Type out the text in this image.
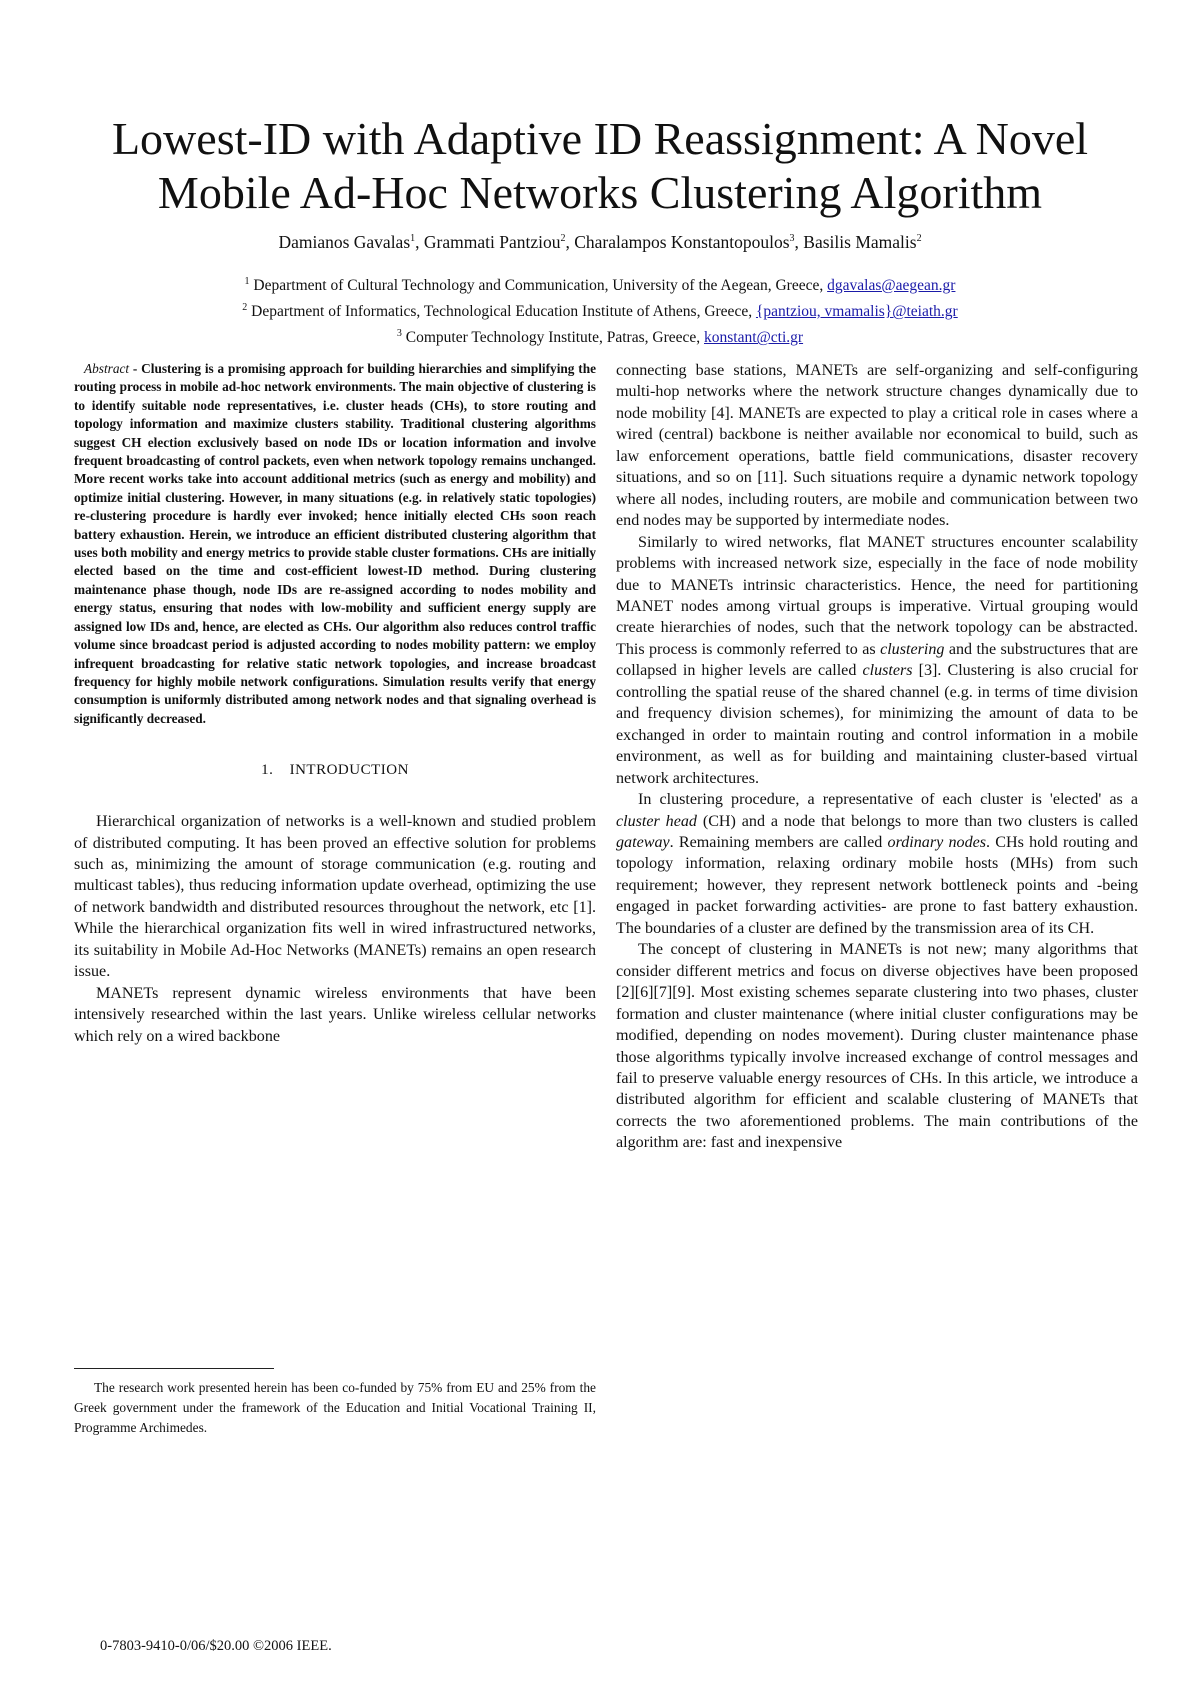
Lowest-ID with Adaptive ID Reassignment: A Novel Mobile Ad-Hoc Networks Clustering Algorithm
Damianos Gavalas$^1$, Grammati Pantziou$^2$, Charalampos Konstantopoulos$^3$, Basilis Mamalis$^2$
$^1$ Department of Cultural Technology and Communication, University of the Aegean, Greece, dgavalas@aegean.gr
$^2$ Department of Informatics, Technological Education Institute of Athens, Greece, {pantziou, vmamalis}@teiath.gr
$^3$ Computer Technology Institute, Patras, Greece, konstant@cti.gr

Abstract - Clustering is a promising approach for building hierarchies and simplifying the routing process in mobile ad-hoc network environments. The main objective of clustering is to identify suitable node representatives, i.e. cluster heads (CHs), to store routing and topology information and maximize clusters stability. Traditional clustering algorithms suggest CH election exclusively based on node IDs or location information and involve frequent broadcasting of control packets, even when network topology remains unchanged. More recent works take into account additional metrics (such as energy and mobility) and optimize initial clustering. However, in many situations (e.g. in relatively static topologies) re-clustering procedure is hardly ever invoked; hence initially elected CHs soon reach battery exhaustion. Herein, we introduce an efficient distributed clustering algorithm that uses both mobility and energy metrics to provide stable cluster formations. CHs are initially elected based on the time and cost-efficient lowest-ID method. During clustering maintenance phase though, node IDs are re-assigned according to nodes mobility and energy status, ensuring that nodes with low-mobility and sufficient energy supply are assigned low IDs and, hence, are elected as CHs. Our algorithm also reduces control traffic volume since broadcast period is adjusted according to nodes mobility pattern: we employ infrequent broadcasting for relative static network topologies, and increase broadcast frequency for highly mobile network configurations. Simulation results verify that energy consumption is uniformly distributed among network nodes and that signaling overhead is significantly decreased.

1. INTRODUCTION

Hierarchical organization of networks is a well-known and studied problem of distributed computing. It has been proved an effective solution for problems such as, minimizing the amount of storage communication (e.g. routing and multicast tables), thus reducing information update overhead, optimizing the use of network bandwidth and distributed resources throughout the network, etc [1]. While the hierarchical organization fits well in wired infrastructured networks, its suitability in Mobile Ad-Hoc Networks (MANETs) remains an open research issue.

MANETs represent dynamic wireless environments that have been intensively researched within the last years. Unlike wireless cellular networks which rely on a wired backbone

connecting base stations, MANETs are self-organizing and self-configuring multi-hop networks where the network structure changes dynamically due to node mobility [4]. MANETs are expected to play a critical role in cases where a wired (central) backbone is neither available nor economical to build, such as law enforcement operations, battle field communications, disaster recovery situations, and so on [11]. Such situations require a dynamic network topology where all nodes, including routers, are mobile and communication between two end nodes may be supported by intermediate nodes.

Similarly to wired networks, flat MANET structures encounter scalability problems with increased network size, especially in the face of node mobility due to MANETs intrinsic characteristics. Hence, the need for partitioning MANET nodes among virtual groups is imperative. Virtual grouping would create hierarchies of nodes, such that the network topology can be abstracted. This process is commonly referred to as clustering and the substructures that are collapsed in higher levels are called clusters [3]. Clustering is also crucial for controlling the spatial reuse of the shared channel (e.g. in terms of time division and frequency division schemes), for minimizing the amount of data to be exchanged in order to maintain routing and control information in a mobile environment, as well as for building and maintaining cluster-based virtual network architectures.

In clustering procedure, a representative of each cluster is 'elected' as a cluster head (CH) and a node that belongs to more than two clusters is called gateway. Remaining members are called ordinary nodes. CHs hold routing and topology information, relaxing ordinary mobile hosts (MHs) from such requirement; however, they represent network bottleneck points and -being engaged in packet forwarding activities- are prone to fast battery exhaustion. The boundaries of a cluster are defined by the transmission area of its CH.

The concept of clustering in MANETs is not new; many algorithms that consider different metrics and focus on diverse objectives have been proposed [2][6][7][9]. Most existing schemes separate clustering into two phases, cluster formation and cluster maintenance (where initial cluster configurations may be modified, depending on nodes movement). During cluster maintenance phase those algorithms typically involve increased exchange of control messages and fail to preserve valuable energy resources of CHs. In this article, we introduce a distributed algorithm for efficient and scalable clustering of MANETs that corrects the two aforementioned problems. The main contributions of the algorithm are: fast and inexpensive

The research work presented herein has been co-funded by 75% from EU and 25% from the Greek government under the framework of the Education and Initial Vocational Training II, Programme Archimedes.

0-7803-9410-0/06/$20.00 ©2006 IEEE.
